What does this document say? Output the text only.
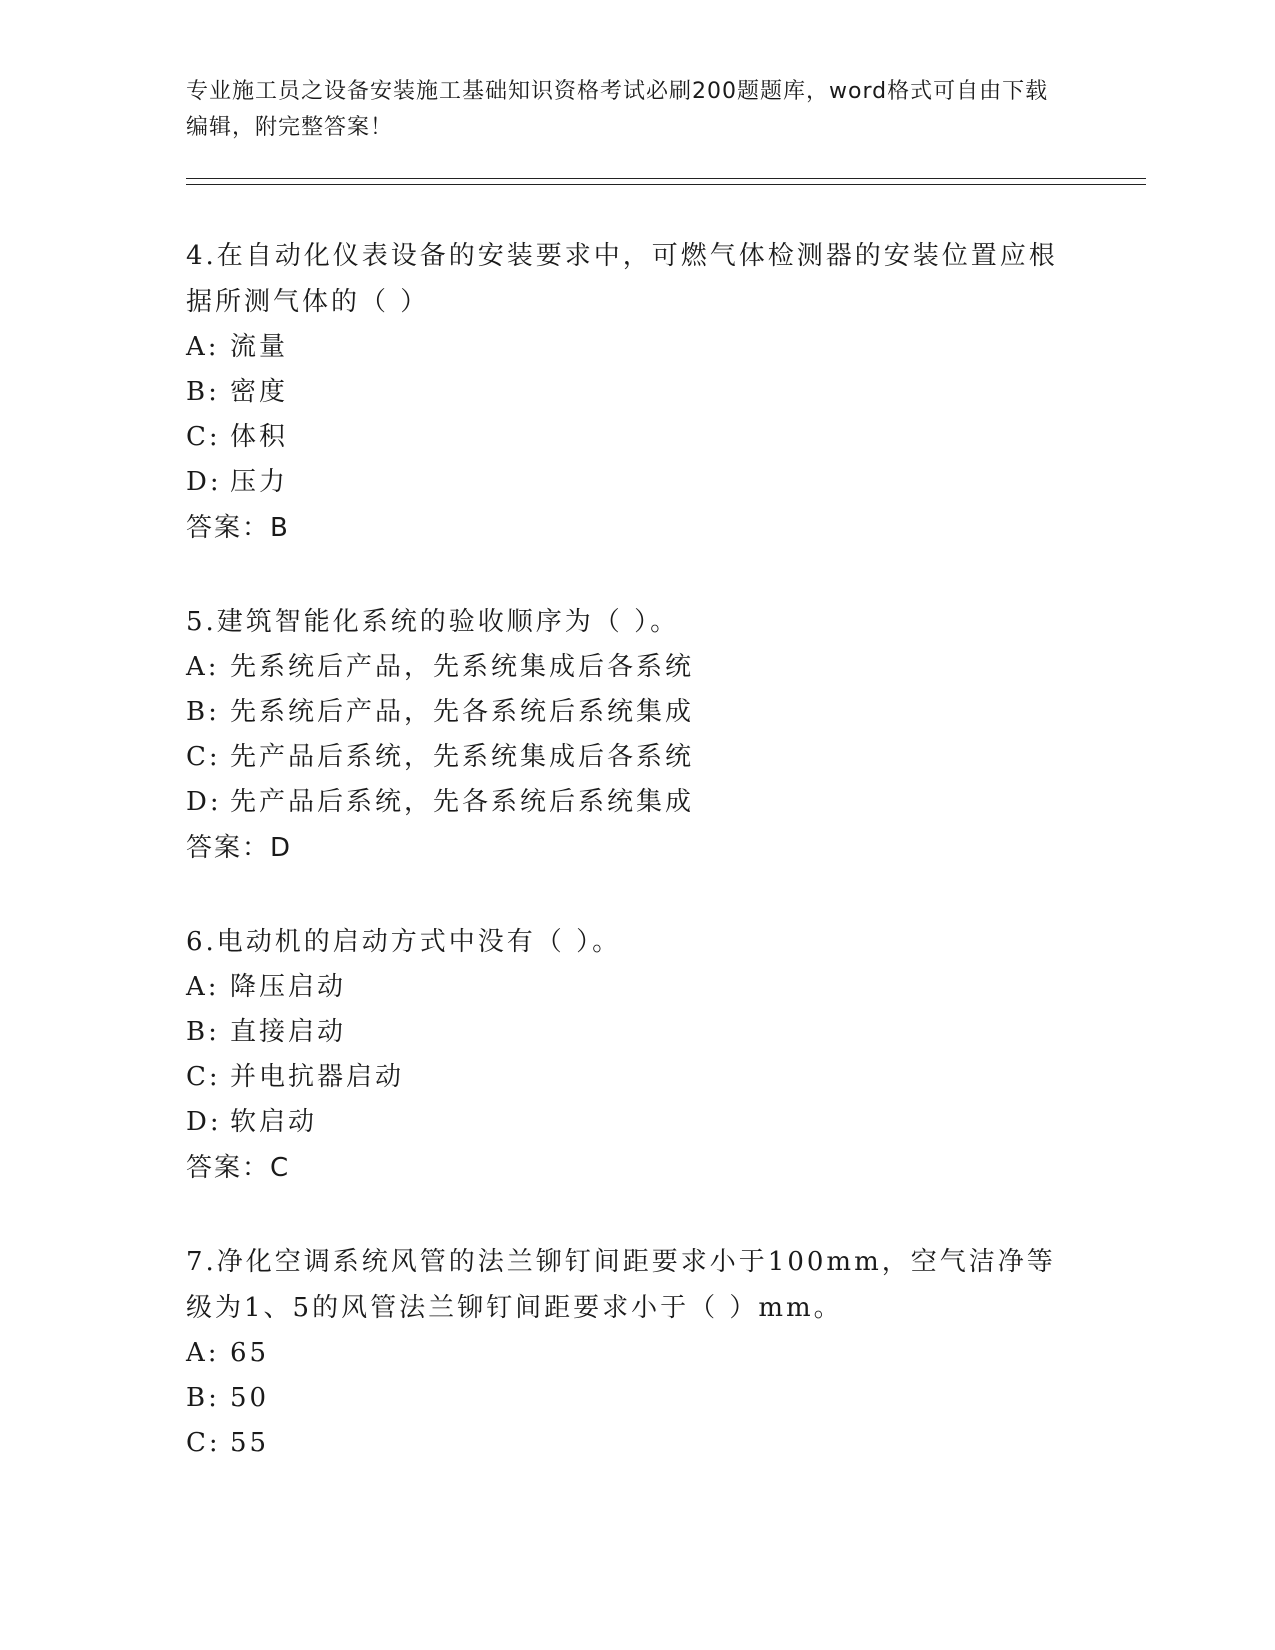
专业施工员之设备安装施工基础知识资格考试必刷200题题库，word格式可自由下载编辑，附完整答案！
4.在自动化仪表设备的安装要求中，可燃气体检测器的安装位置应根据所测气体的（ ）
A: 流量
B: 密度
C: 体积
D: 压力
答案：B
5.建筑智能化系统的验收顺序为（ ）。
A: 先系统后产品，先系统集成后各系统
B: 先系统后产品，先各系统后系统集成
C: 先产品后系统，先系统集成后各系统
D: 先产品后系统，先各系统后系统集成
答案：D
6.电动机的启动方式中没有（ ）。
A: 降压启动
B: 直接启动
C: 并电抗器启动
D: 软启动
答案：C
7.净化空调系统风管的法兰铆钉间距要求小于100mm，空气洁净等级为1、5的风管法兰铆钉间距要求小于（ ）mm。
A: 65
B: 50
C: 55
